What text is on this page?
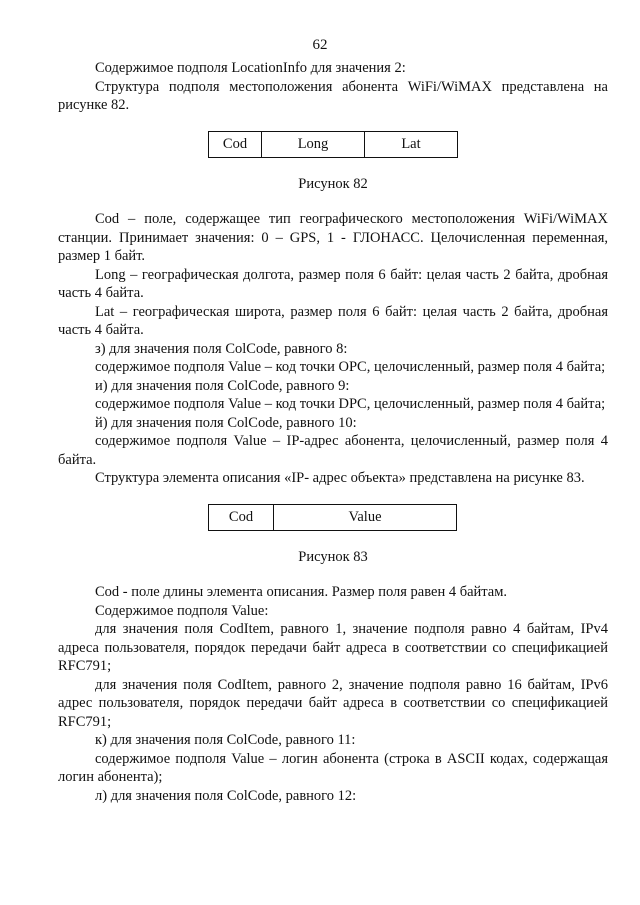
62

Содержимое подполя LocationInfo для значения 2:

Структура подполя местоположения абонента WiFi/WiMAX представлена на рисунке 82.

Cod	Long	Lat

Рисунок 82

Cod – поле, содержащее тип географического местоположения WiFi/WiMAX станции. Принимает значения: 0 – GPS, 1 - ГЛОНАСС. Целочисленная переменная, размер 1 байт.

Long – географическая долгота, размер поля 6 байт: целая часть 2 байта, дробная часть 4 байта.

Lat – географическая широта, размер поля 6 байт: целая часть 2 байта, дробная часть 4 байта.

з) для значения поля ColCode, равного 8:

содержимое подполя Value – код точки OPC, целочисленный, размер поля 4 байта;

и) для значения поля ColCode, равного 9:

содержимое подполя Value – код точки DPC, целочисленный, размер поля 4 байта;

й) для значения поля ColCode, равного 10:

содержимое подполя Value – IP-адрес абонента, целочисленный, размер поля 4 байта.

Структура элемента описания «IP- адрес объекта» представлена на рисунке 83.

Cod	Value

Рисунок 83

Cod - поле длины элемента описания. Размер поля равен 4 байтам.

Содержимое подполя Value:

для значения поля CodItem, равного 1, значение подполя равно 4 байтам, IPv4 адреса пользователя, порядок передачи байт адреса в соответствии со спецификацией RFC791;

для значения поля CodItem, равного 2, значение подполя равно 16 байтам, IPv6 адрес пользователя, порядок передачи байт адреса в соответствии со спецификацией RFC791;

к) для значения поля ColCode, равного 11:

содержимое подполя Value – логин абонента (строка в ASCII кодах, содержащая логин абонента);

л) для значения поля ColCode, равного 12:
